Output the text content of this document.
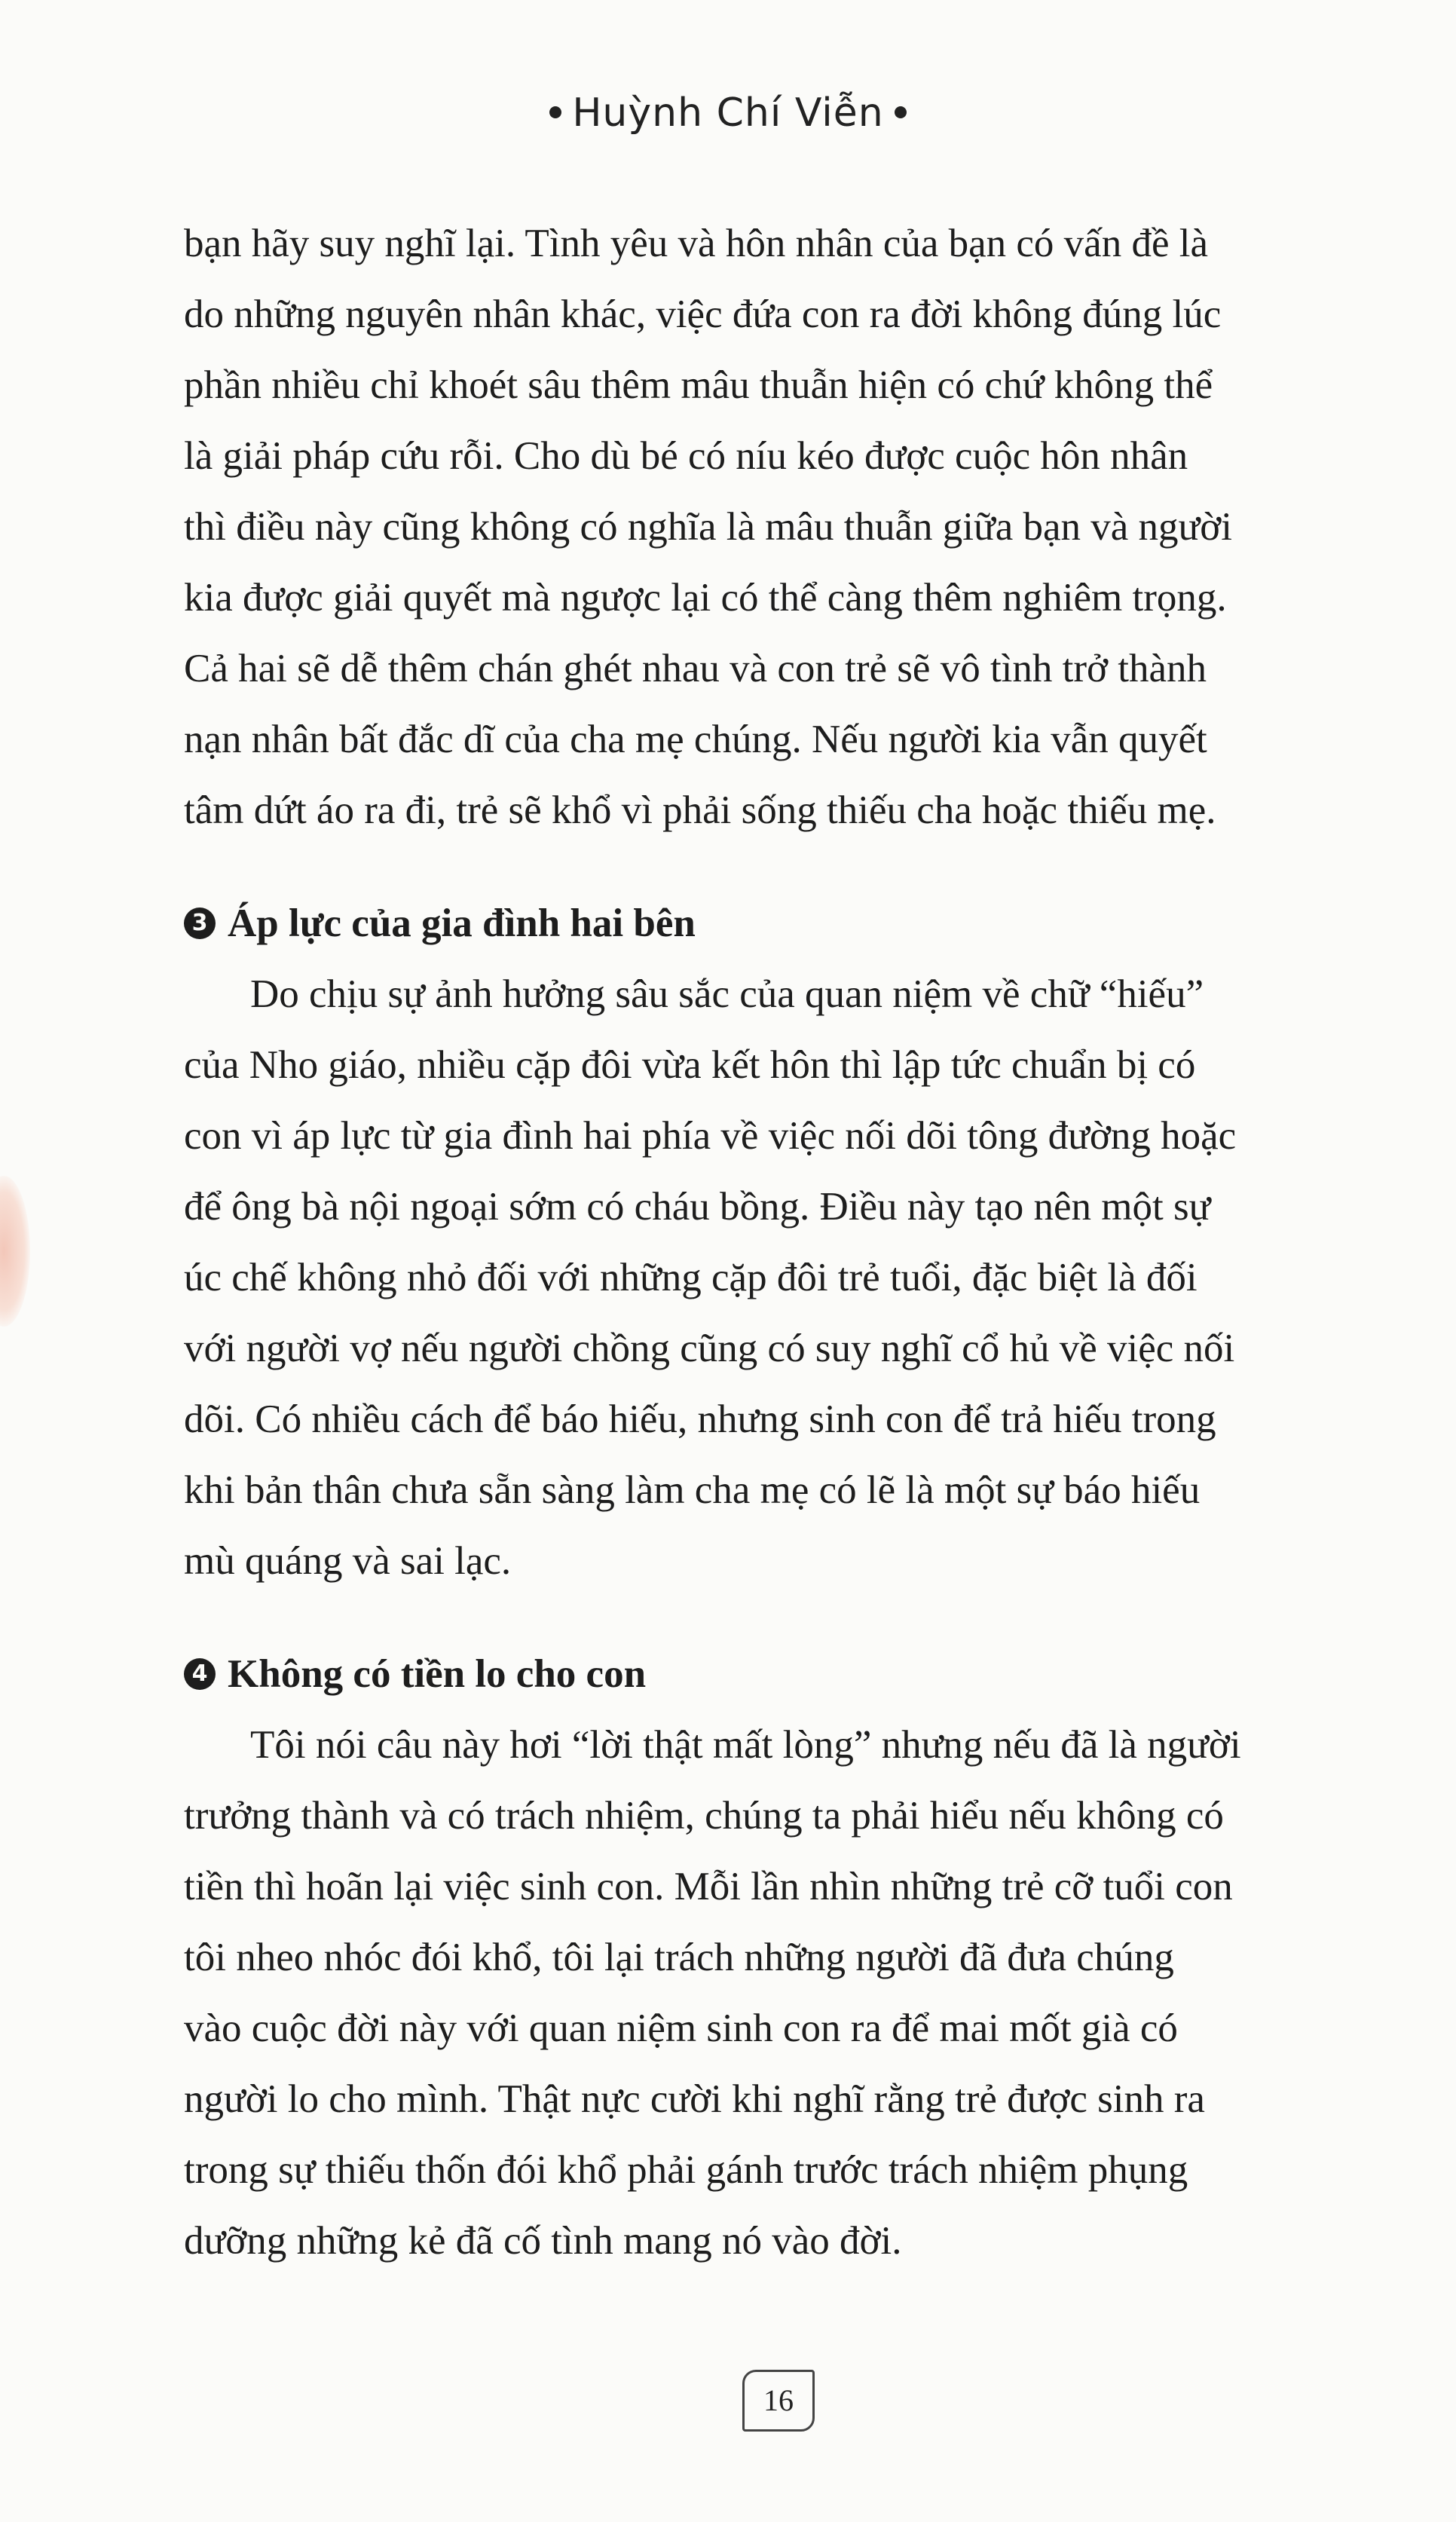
Huỳnh Chí Viễn

bạn hãy suy nghĩ lại. Tình yêu và hôn nhân của bạn có vấn đề là
do những nguyên nhân khác, việc đứa con ra đời không đúng lúc
phần nhiều chỉ khoét sâu thêm mâu thuẫn hiện có chứ không thể
là giải pháp cứu rỗi. Cho dù bé có níu kéo được cuộc hôn nhân
thì điều này cũng không có nghĩa là mâu thuẫn giữa bạn và người
kia được giải quyết mà ngược lại có thể càng thêm nghiêm trọng.
Cả hai sẽ dễ thêm chán ghét nhau và con trẻ sẽ vô tình trở thành
nạn nhân bất đắc dĩ của cha mẹ chúng. Nếu người kia vẫn quyết
tâm dứt áo ra đi, trẻ sẽ khổ vì phải sống thiếu cha hoặc thiếu mẹ.

3 Áp lực của gia đình hai bên

Do chịu sự ảnh hưởng sâu sắc của quan niệm về chữ “hiếu”
của Nho giáo, nhiều cặp đôi vừa kết hôn thì lập tức chuẩn bị có
con vì áp lực từ gia đình hai phía về việc nối dõi tông đường hoặc
để ông bà nội ngoại sớm có cháu bồng. Điều này tạo nên một sự
úc chế không nhỏ đối với những cặp đôi trẻ tuổi, đặc biệt là đối
với người vợ nếu người chồng cũng có suy nghĩ cổ hủ về việc nối
dõi. Có nhiều cách để báo hiếu, nhưng sinh con để trả hiếu trong
khi bản thân chưa sẵn sàng làm cha mẹ có lẽ là một sự báo hiếu
mù quáng và sai lạc.

4 Không có tiền lo cho con

Tôi nói câu này hơi “lời thật mất lòng” nhưng nếu đã là người
trưởng thành và có trách nhiệm, chúng ta phải hiểu nếu không có
tiền thì hoãn lại việc sinh con. Mỗi lần nhìn những trẻ cỡ tuổi con
tôi nheo nhóc đói khổ, tôi lại trách những người đã đưa chúng
vào cuộc đời này với quan niệm sinh con ra để mai mốt già có
người lo cho mình. Thật nực cười khi nghĩ rằng trẻ được sinh ra
trong sự thiếu thốn đói khổ phải gánh trước trách nhiệm phụng
dưỡng những kẻ đã cố tình mang nó vào đời.

16
